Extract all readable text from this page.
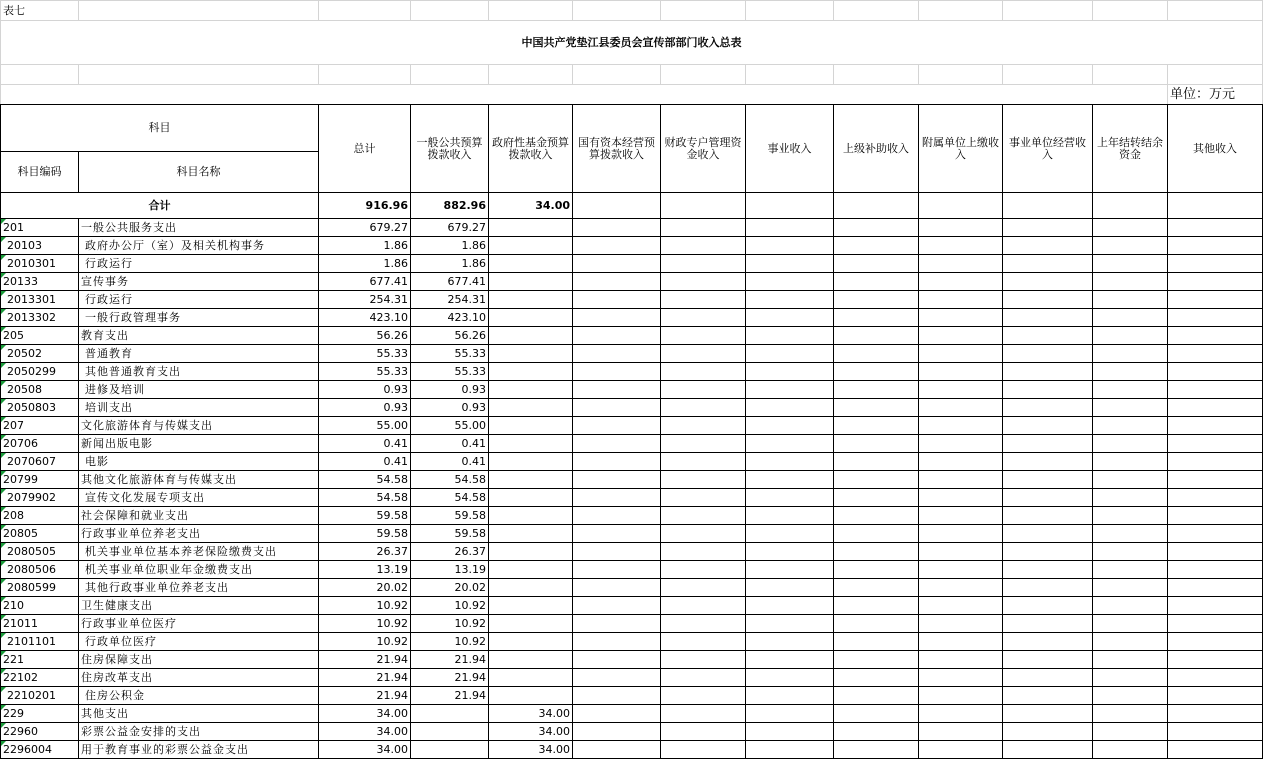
表七												
中国共产党垫江县委员会宣传部部门收入总表												

												单位：万元
科目		总计	一般公共预算拨款收入	政府性基金预算拨款收入	国有资本经营预算拨款收入	财政专户管理资金收入	事业收入	上级补助收入	附属单位上缴收入	事业单位经营收入	上年结转结余资金	其他收入
科目编码	科目名称											
合计		916.96	882.96	34.00								
201	一般公共服务支出	679.27	679.27									
20103	政府办公厅（室）及相关机构事务	1.86	1.86									
2010301	行政运行	1.86	1.86									
20133	宣传事务	677.41	677.41									
2013301	行政运行	254.31	254.31									
2013302	一般行政管理事务	423.10	423.10									
205	教育支出	56.26	56.26									
20502	普通教育	55.33	55.33									
2050299	其他普通教育支出	55.33	55.33									
20508	进修及培训	0.93	0.93									
2050803	培训支出	0.93	0.93									
207	文化旅游体育与传媒支出	55.00	55.00									
20706	新闻出版电影	0.41	0.41									
2070607	电影	0.41	0.41									
20799	其他文化旅游体育与传媒支出	54.58	54.58									
2079902	宣传文化发展专项支出	54.58	54.58									
208	社会保障和就业支出	59.58	59.58									
20805	行政事业单位养老支出	59.58	59.58									
2080505	机关事业单位基本养老保险缴费支出	26.37	26.37									
2080506	机关事业单位职业年金缴费支出	13.19	13.19									
2080599	其他行政事业单位养老支出	20.02	20.02									
210	卫生健康支出	10.92	10.92									
21011	行政事业单位医疗	10.92	10.92									
2101101	行政单位医疗	10.92	10.92									
221	住房保障支出	21.94	21.94									
22102	住房改革支出	21.94	21.94									
2210201	住房公积金	21.94	21.94									
229	其他支出	34.00		34.00								
22960	彩票公益金安排的支出	34.00		34.00								
2296004	用于教育事业的彩票公益金支出	34.00		34.00								
